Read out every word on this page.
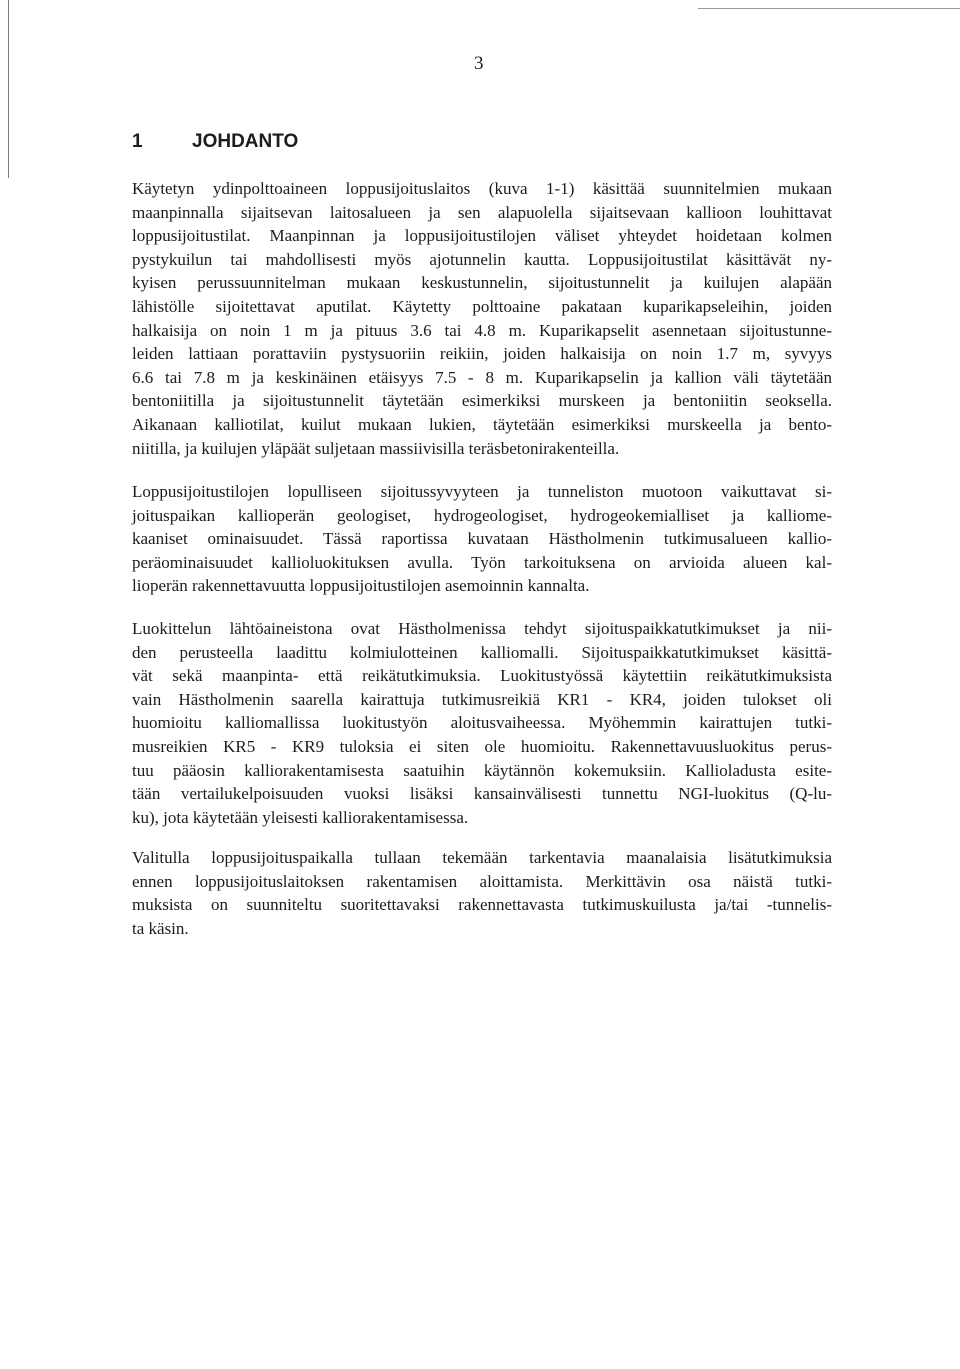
3
1	JOHDANTO
Käytetyn ydinpolttoaineen loppusijoituslaitos (kuva 1-1) käsittää suunnitelmien mukaan
maanpinnalla sijaitsevan laitosalueen ja sen alapuolella sijaitsevaan kallioon louhittavat
loppusijoitustilat. Maanpinnan ja loppusijoitustilojen väliset yhteydet hoidetaan kolmen
pystykuilun tai mahdollisesti myös ajotunnelin kautta. Loppusijoitustilat käsittävät ny-
kyisen perussuunnitelman mukaan keskustunnelin, sijoitustunnelit ja kuilujen alapään
lähistölle sijoitettavat aputilat. Käytetty polttoaine pakataan kuparikapseleihin, joiden
halkaisija on noin 1 m ja pituus 3.6 tai 4.8 m. Kuparikapselit asennetaan sijoitustunne-
leiden lattiaan porattaviin pystysuoriin reikiin, joiden halkaisija on noin 1.7 m, syvyys
6.6 tai 7.8 m ja keskinäinen etäisyys 7.5 - 8 m. Kuparikapselin ja kallion väli täytetään
bentoniitilla ja sijoitustunnelit täytetään esimerkiksi murskeen ja bentoniitin seoksella.
Aikanaan kalliotilat, kuilut mukaan lukien, täytetään esimerkiksi murskeella ja bento-
niitilla, ja kuilujen yläpäät suljetaan massiivisilla teräsbetonirakenteilla.
Loppusijoitustilojen lopulliseen sijoitussyvyyteen ja tunneliston muotoon vaikuttavat si-
joituspaikan kallioperän geologiset, hydrogeologiset, hydrogeokemialliset ja kalliome-
kaaniset ominaisuudet. Tässä raportissa kuvataan Hästholmenin tutkimusalueen kallio-
peräominaisuudet kallioluokituksen avulla. Työn tarkoituksena on arvioida alueen kal-
lioperän rakennettavuutta loppusijoitustilojen asemoinnin kannalta.
Luokittelun lähtöaineistona ovat Hästholmenissa tehdyt sijoituspaikkatutkimukset ja nii-
den perusteella laadittu kolmiulotteinen kalliomalli. Sijoituspaikkatutkimukset käsittä-
vät sekä maanpinta- että reikätutkimuksia. Luokitustyössä käytettiin reikätutkimuksista
vain Hästholmenin saarella kairattuja tutkimusreikiä KR1 - KR4, joiden tulokset oli
huomioitu kalliomallissa luokitustyön aloitusvaiheessa. Myöhemmin kairattujen tutki-
musreikien KR5 - KR9 tuloksia ei siten ole huomioitu. Rakennettavuusluokitus perus-
tuu pääosin kalliorakentamisesta saatuihin käytännön kokemuksiin. Kallioladusta esite-
tään vertailukelpoisuuden vuoksi lisäksi kansainvälisesti tunnettu NGI-luokitus (Q-lu-
ku), jota käytetään yleisesti kalliorakentamisessa.
Valitulla loppusijoituspaikalla tullaan tekemään tarkentavia maanalaisia lisätutkimuksia
ennen loppusijoituslaitoksen rakentamisen aloittamista. Merkittävin osa näistä tutki-
muksista on suunniteltu suoritettavaksi rakennettavasta tutkimuskuilusta ja/tai -tunnelis-
ta käsin.
